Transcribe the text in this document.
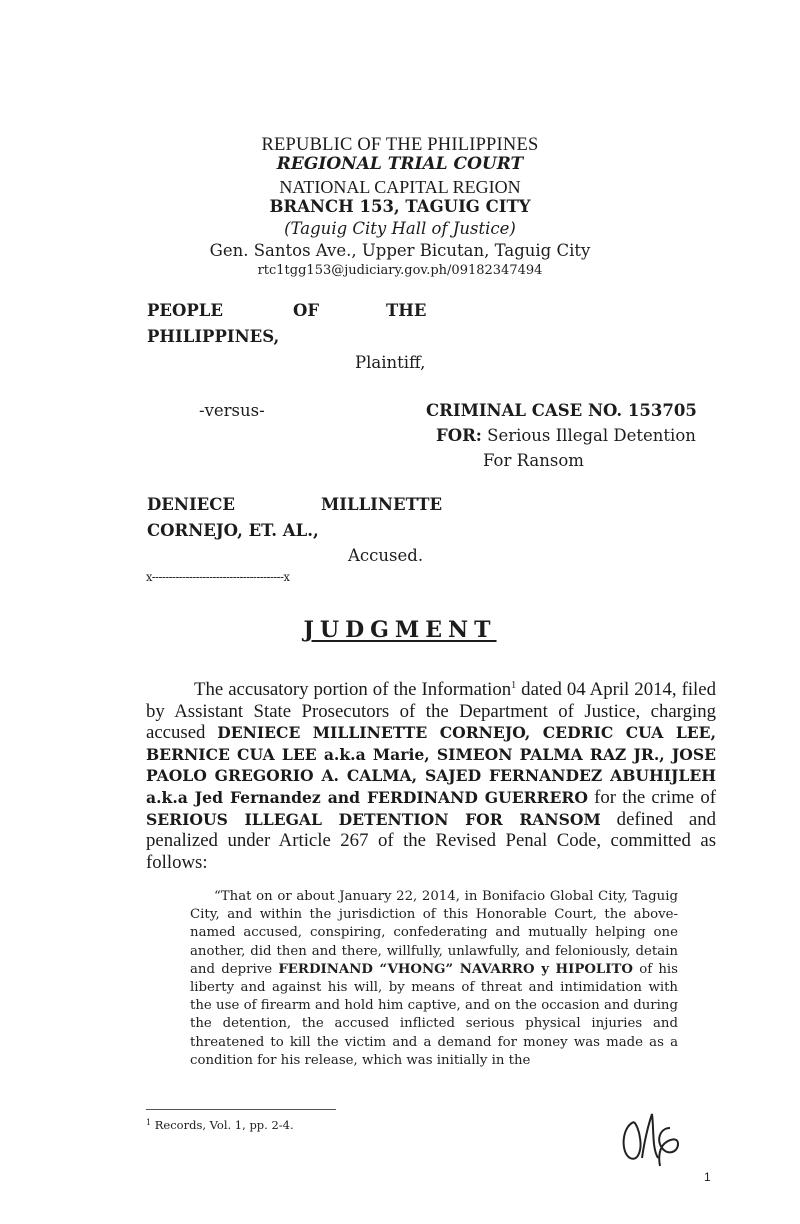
REPUBLIC OF THE PHILIPPINES
REGIONAL TRIAL COURT
NATIONAL CAPITAL REGION
BRANCH 153, TAGUIG CITY
(Taguig City Hall of Justice)
Gen. Santos Ave., Upper Bicutan, Taguig City
rtc1tgg153@judiciary.gov.ph/09182347494
PEOPLE	OF	THE
PHILIPPINES,
Plaintiff,
-versus-	CRIMINAL CASE NO. 153705
FOR: Serious Illegal Detention
For Ransom
DENIECE	MILLINETTE
CORNEJO, ET. AL.,
Accused.
x---------------------------------------x
JUDGMENT
The accusatory portion of the Information$^1$ dated 04 April 2014, filed by Assistant State Prosecutors of the Department of Justice, charging accused DENIECE MILLINETTE CORNEJO, CEDRIC CUA LEE, BERNICE CUA LEE a.k.a Marie, SIMEON PALMA RAZ JR., JOSE PAOLO GREGORIO A. CALMA, SAJED FERNANDEZ ABUHIJLEH a.k.a Jed Fernandez and FERDINAND GUERRERO for the crime of SERIOUS ILLEGAL DETENTION FOR RANSOM defined and penalized under Article 267 of the Revised Penal Code, committed as follows:
“That on or about January 22, 2014, in Bonifacio Global City, Taguig City, and within the jurisdiction of this Honorable Court, the above-named accused, conspiring, confederating and mutually helping one another, did then and there, willfully, unlawfully, and feloniously, detain and deprive FERDINAND “VHONG” NAVARRO y HIPOLITO of his liberty and against his will, by means of threat and intimidation with the use of firearm and hold him captive, and on the occasion and during the detention, the accused inflicted serious physical injuries and threatened to kill the victim and a demand for money was made as a condition for his release, which was initially in the
$^1$ Records, Vol. 1, pp. 2-4.
1
